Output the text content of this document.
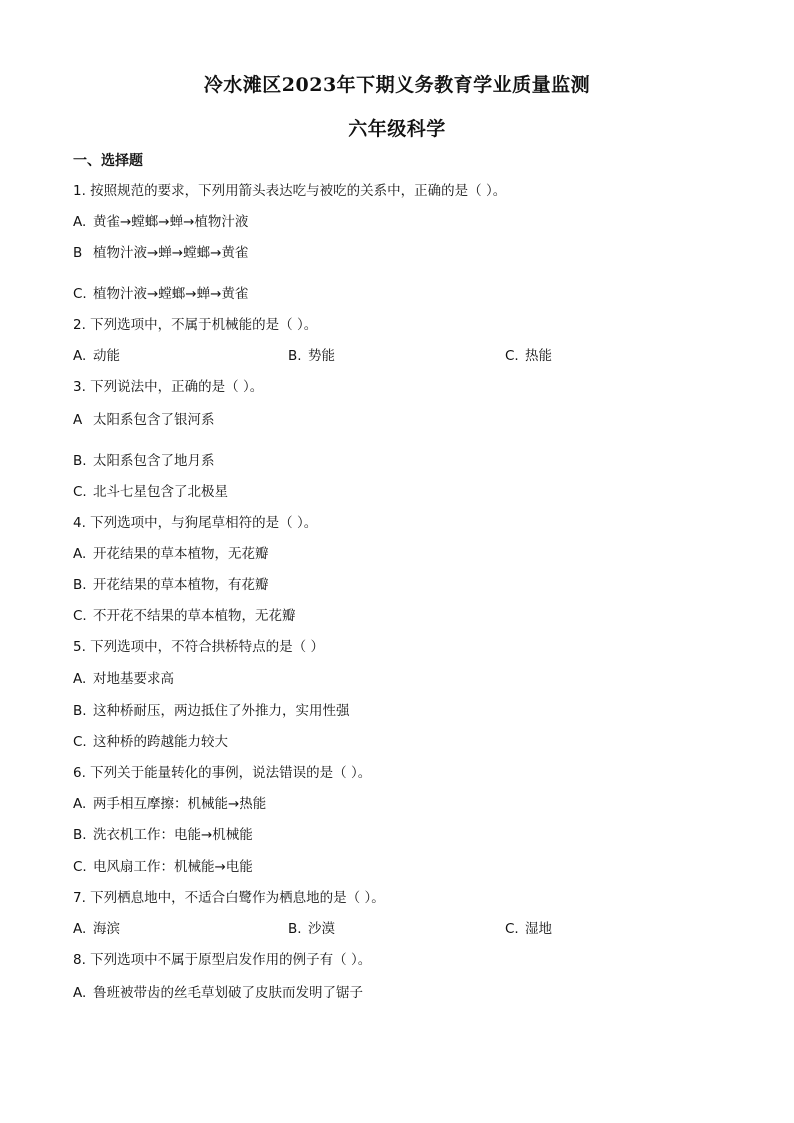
冷水滩区2023年下期义务教育学业质量监测
六年级科学
一、选择题
1. 按照规范的要求，下列用箭头表达吃与被吃的关系中，正确的是（ ）。
A. 黄雀→螳螂→蝉→植物汁液
B 植物汁液→蝉→螳螂→黄雀
C. 植物汁液→螳螂→蝉→黄雀
2. 下列选项中，不属于机械能的是（ ）。
A. 动能	B. 势能	C. 热能
3. 下列说法中，正确的是（ ）。
A 太阳系包含了银河系
B. 太阳系包含了地月系
C. 北斗七星包含了北极星
4. 下列选项中，与狗尾草相符的是（ ）。
A. 开花结果的草本植物，无花瓣
B. 开花结果的草本植物，有花瓣
C. 不开花不结果的草本植物，无花瓣
5. 下列选项中，不符合拱桥特点的是（ ）
A. 对地基要求高
B. 这种桥耐压，两边抵住了外推力，实用性强
C. 这种桥的跨越能力较大
6. 下列关于能量转化的事例，说法错误的是（ ）。
A. 两手相互摩擦：机械能→热能
B. 洗衣机工作：电能→机械能
C. 电风扇工作：机械能→电能
7. 下列栖息地中，不适合白鹭作为栖息地的是（ ）。
A. 海滨	B. 沙漠	C. 湿地
8. 下列选项中不属于原型启发作用的例子有（ ）。
A. 鲁班被带齿的丝毛草划破了皮肤而发明了锯子
